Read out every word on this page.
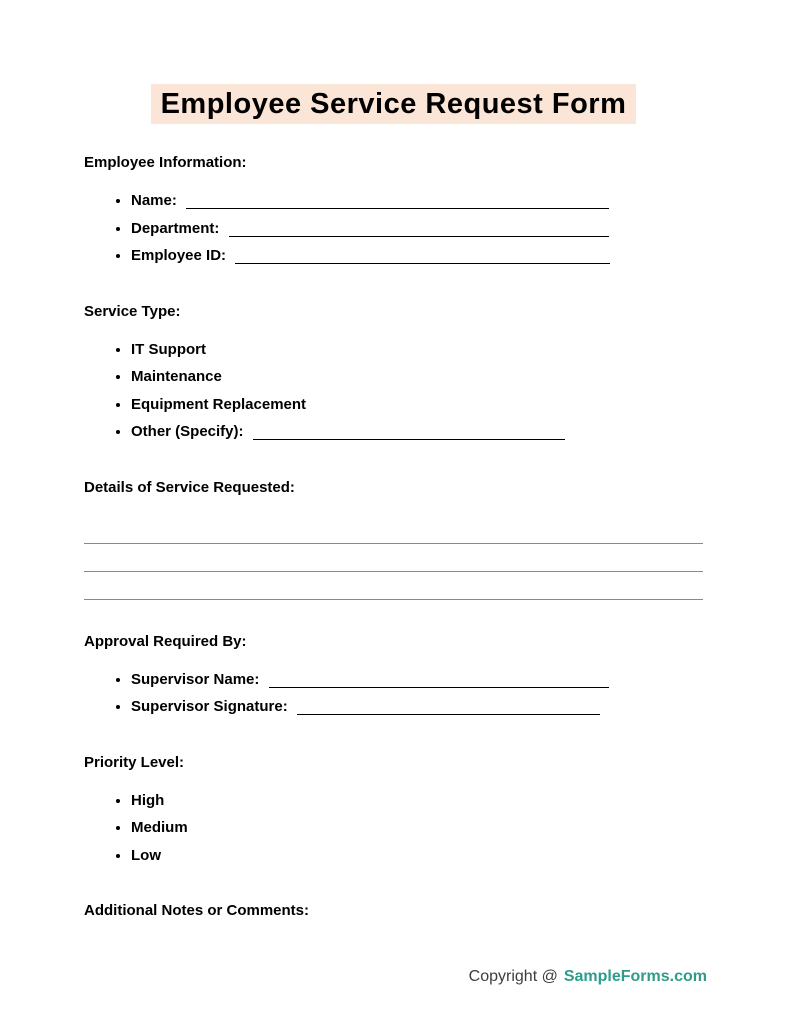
Employee Service Request Form
Employee Information:
• Name:
• Department:
• Employee ID:
Service Type:
• IT Support
• Maintenance
• Equipment Replacement
• Other (Specify):
Details of Service Requested:
Approval Required By:
• Supervisor Name:
• Supervisor Signature:
Priority Level:
• High
• Medium
• Low
Additional Notes or Comments:
Copyright @ SampleForms.com
